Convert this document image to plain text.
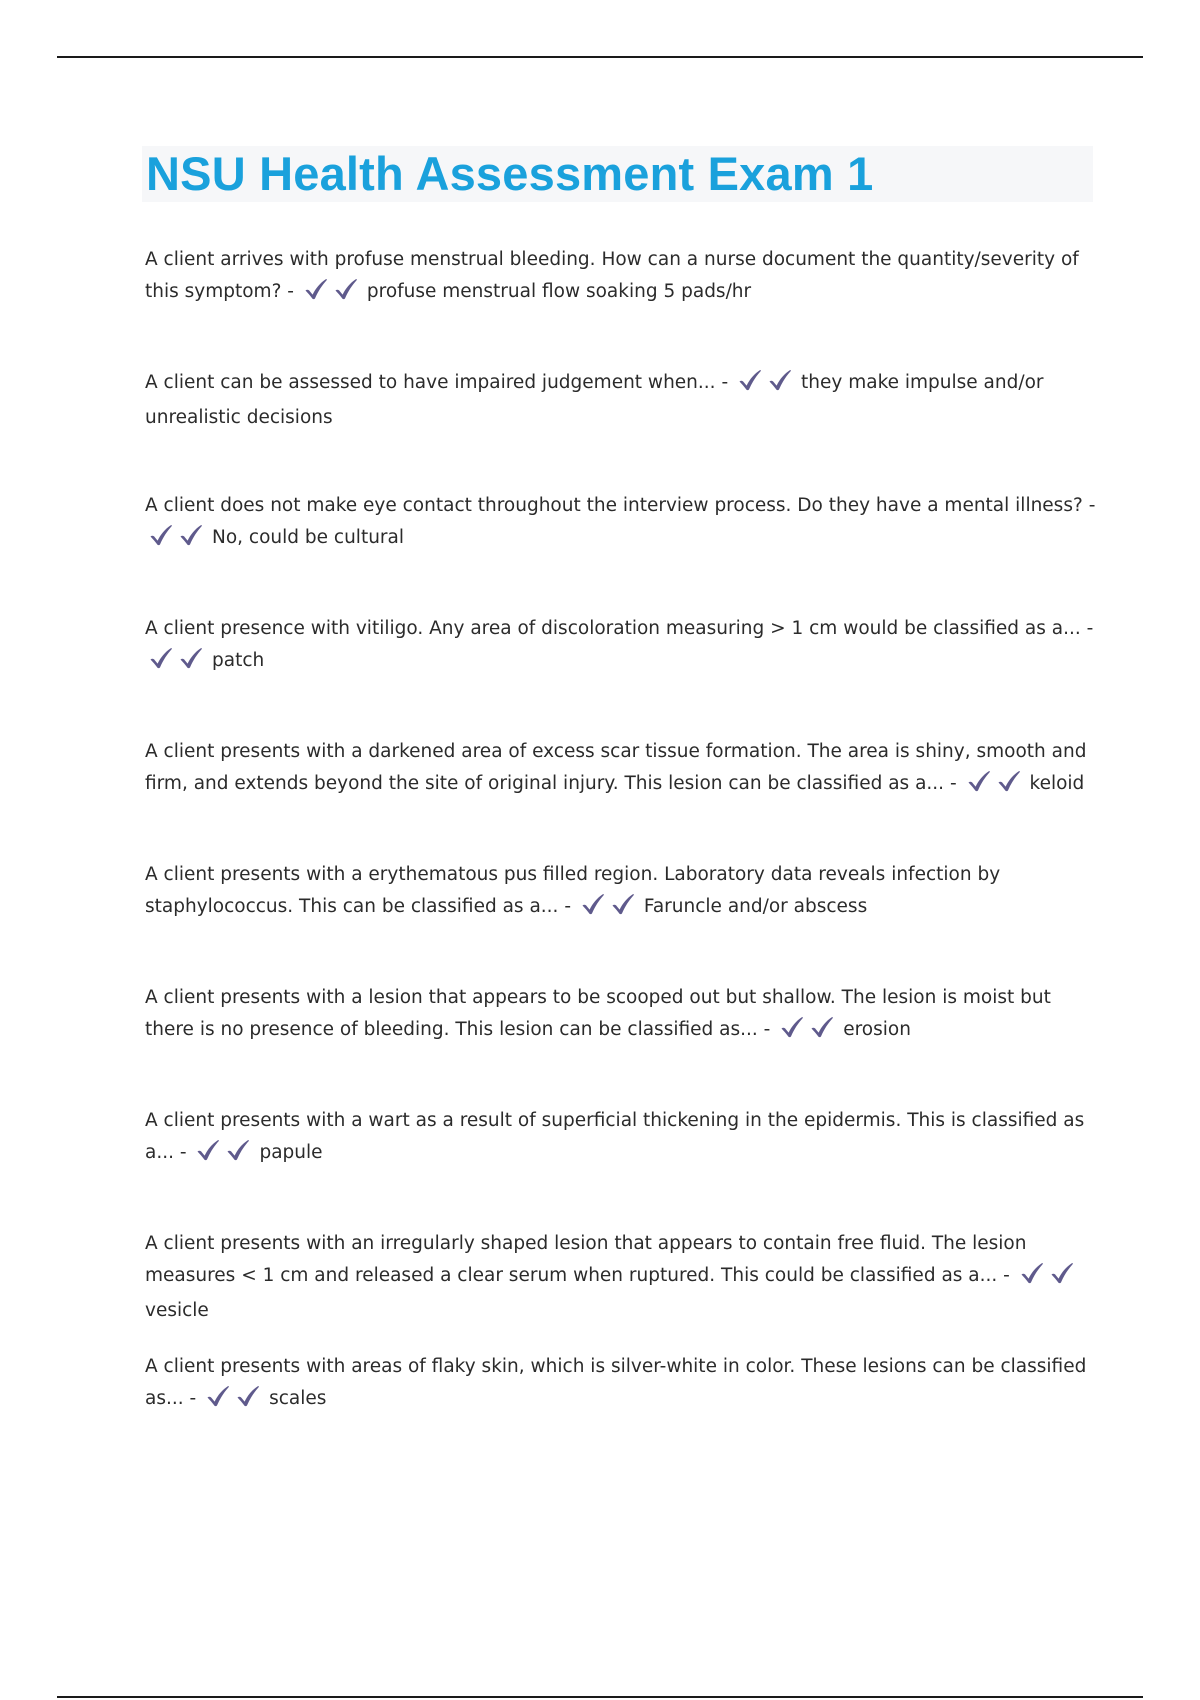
NSU Health Assessment Exam 1
A client arrives with profuse menstrual bleeding. How can a nurse document the quantity/severity of this symptom? -	profuse menstrual flow soaking 5 pads/hr
A client can be assessed to have impaired judgement when... -	they make impulse and/or unrealistic decisions
A client does not make eye contact throughout the interview process. Do they have a mental illness? -
No, could be cultural
A client presence with vitiligo. Any area of discoloration measuring > 1 cm would be classified as a... -
patch
A client presents with a darkened area of excess scar tissue formation. The area is shiny, smooth and firm, and extends beyond the site of original injury. This lesion can be classified as a... -	keloid
A client presents with a erythematous pus filled region. Laboratory data reveals infection by staphylococcus. This can be classified as a... -	Faruncle and/or abscess
A client presents with a lesion that appears to be scooped out but shallow. The lesion is moist but there is no presence of bleeding. This lesion can be classified as... -	erosion
A client presents with a wart as a result of superficial thickening in the epidermis. This is classified as a... -	papule
A client presents with an irregularly shaped lesion that appears to contain free fluid. The lesion measures < 1 cm and released a clear serum when ruptured. This could be classified as a... -
vesicle
A client presents with areas of flaky skin, which is silver-white in color. These lesions can be classified as... -	scales
